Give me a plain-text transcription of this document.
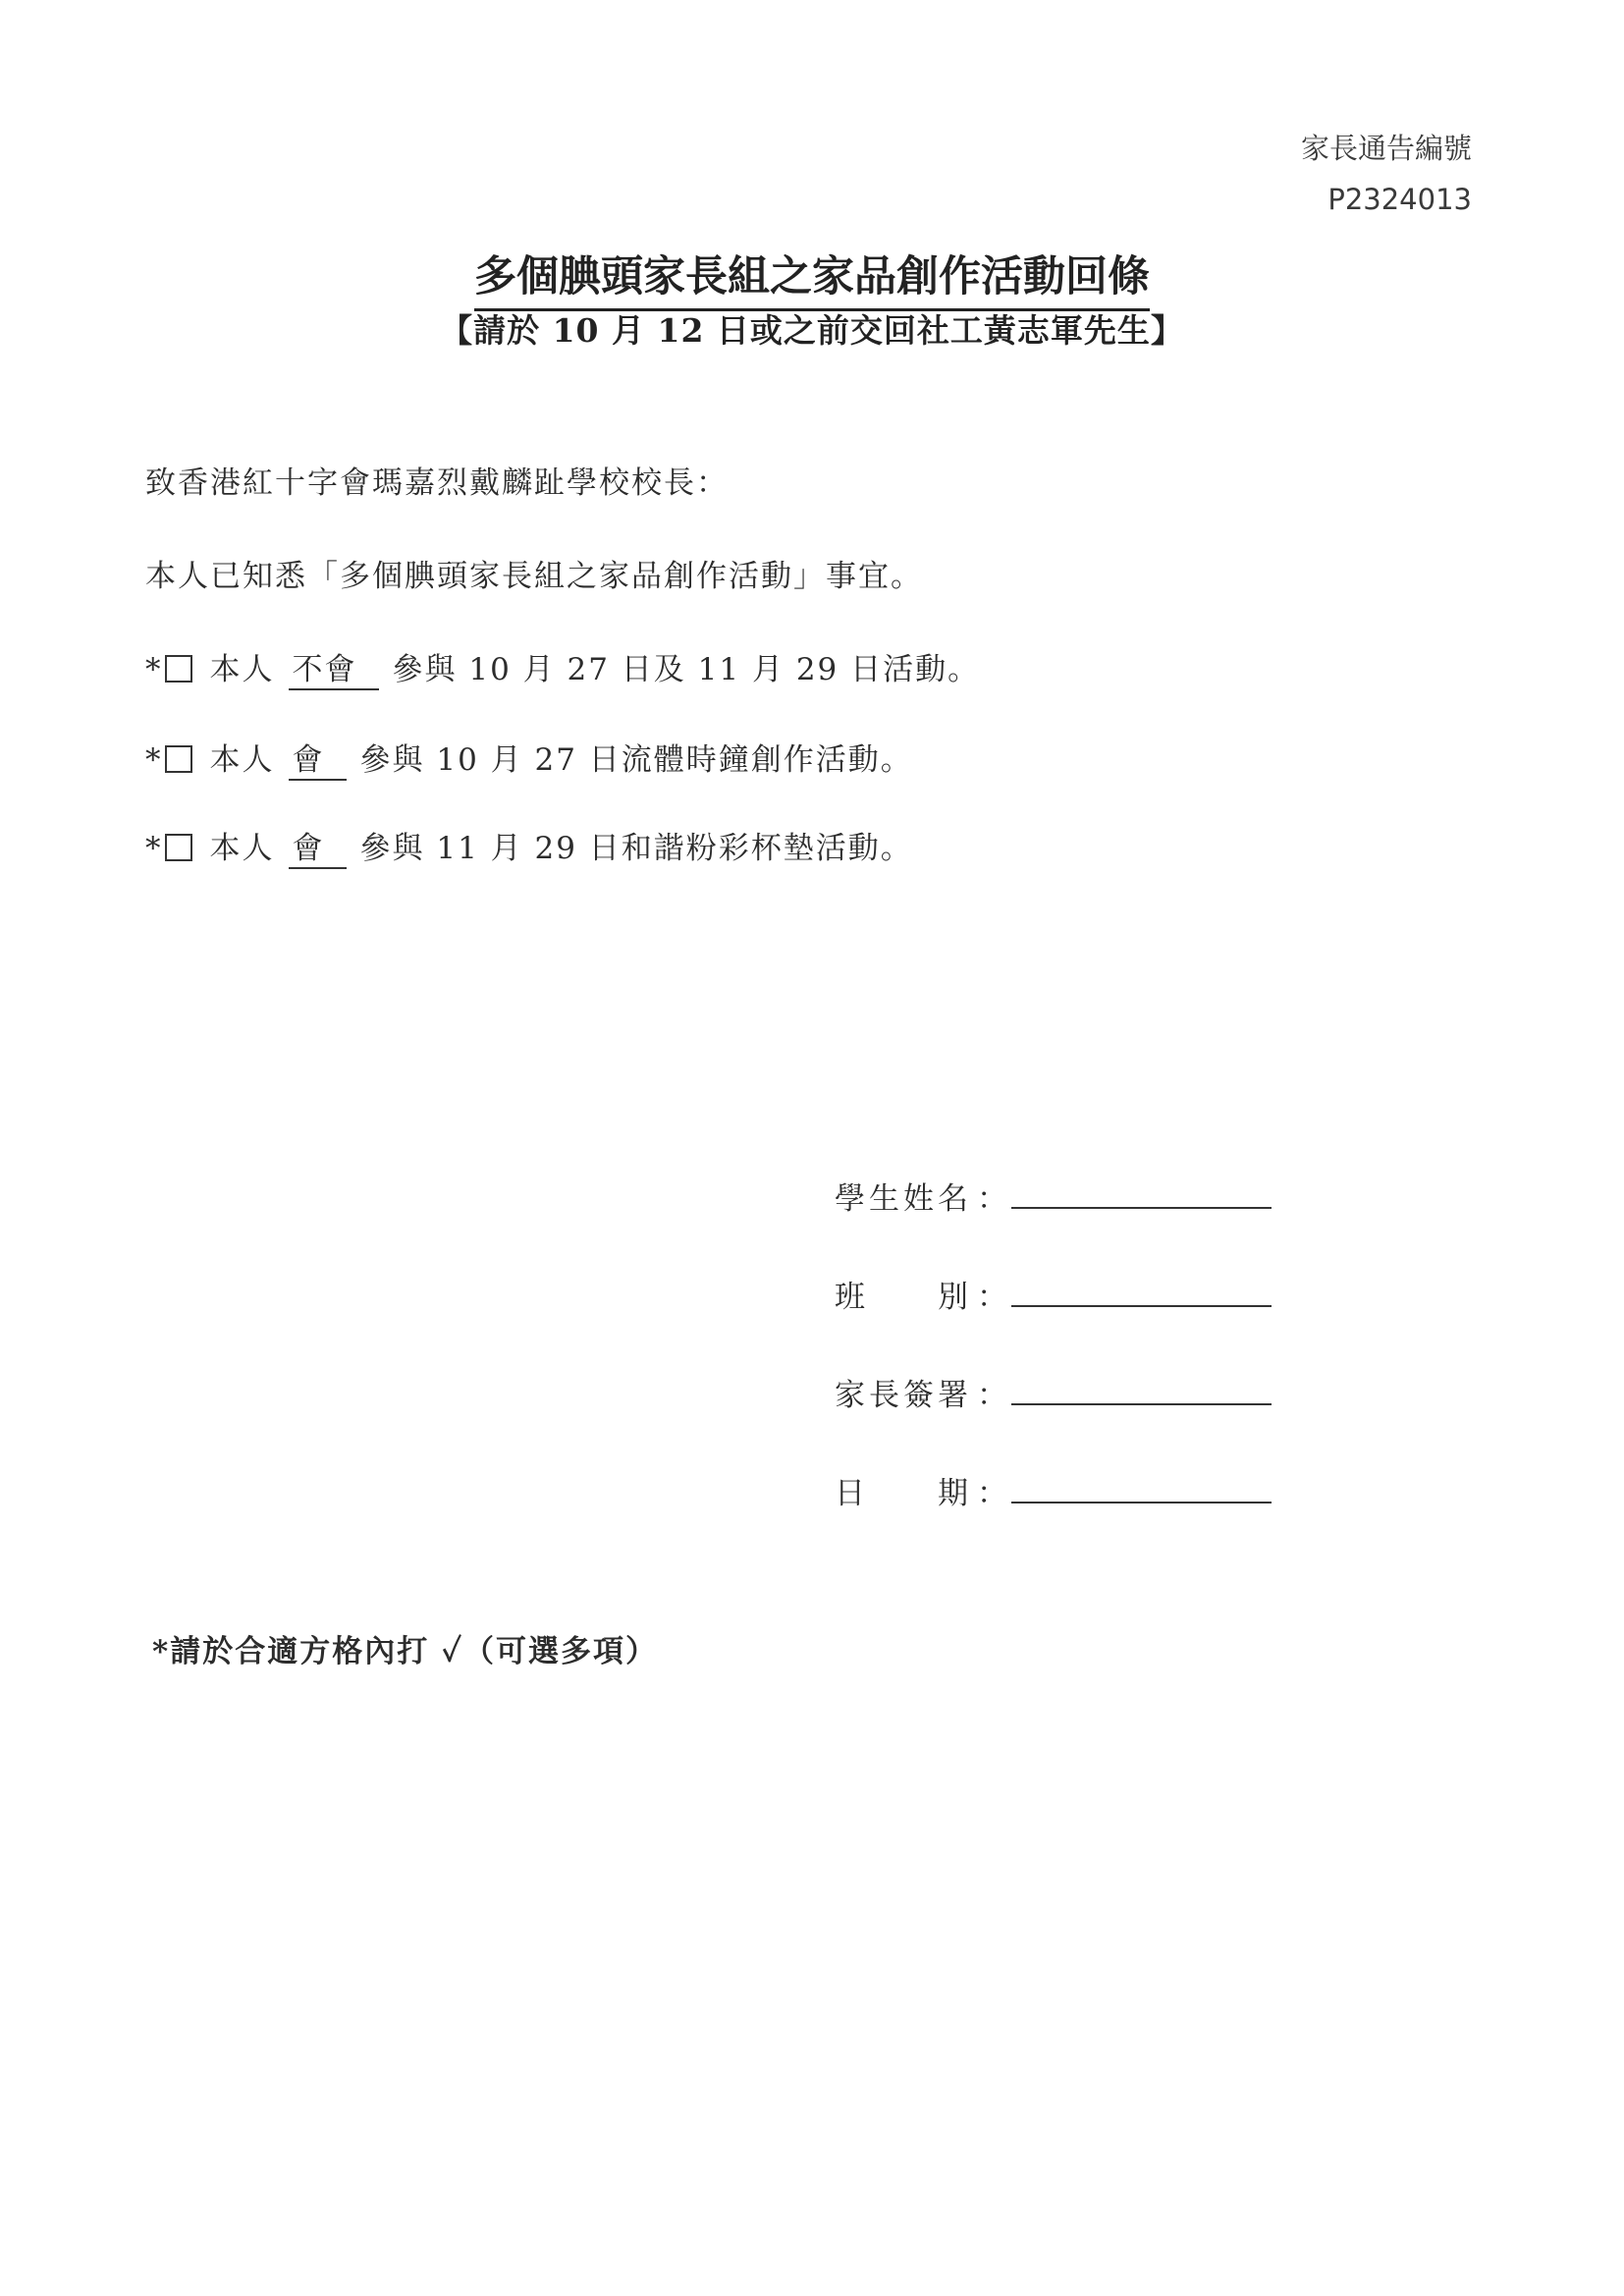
家長通告編號
P2324013
多個腆頭家長組之家品創作活動回條
【請於 10 月 12 日或之前交回社工黃志軍先生】
致香港紅十字會瑪嘉烈戴麟趾學校校長：
本人已知悉「多個腆頭家長組之家品創作活動」事宜。
* 本人 不會 參與 10 月 27 日及 11 月 29 日活動。
* 本人 會 參與 10 月 27 日流體時鐘創作活動。
* 本人 會 參與 11 月 29 日和諧粉彩杯墊活動。
學生姓名 ：
班　　別 ：
家長簽署 ：
日　　期 ：
*請於合適方格內打 ✓（可選多項）
